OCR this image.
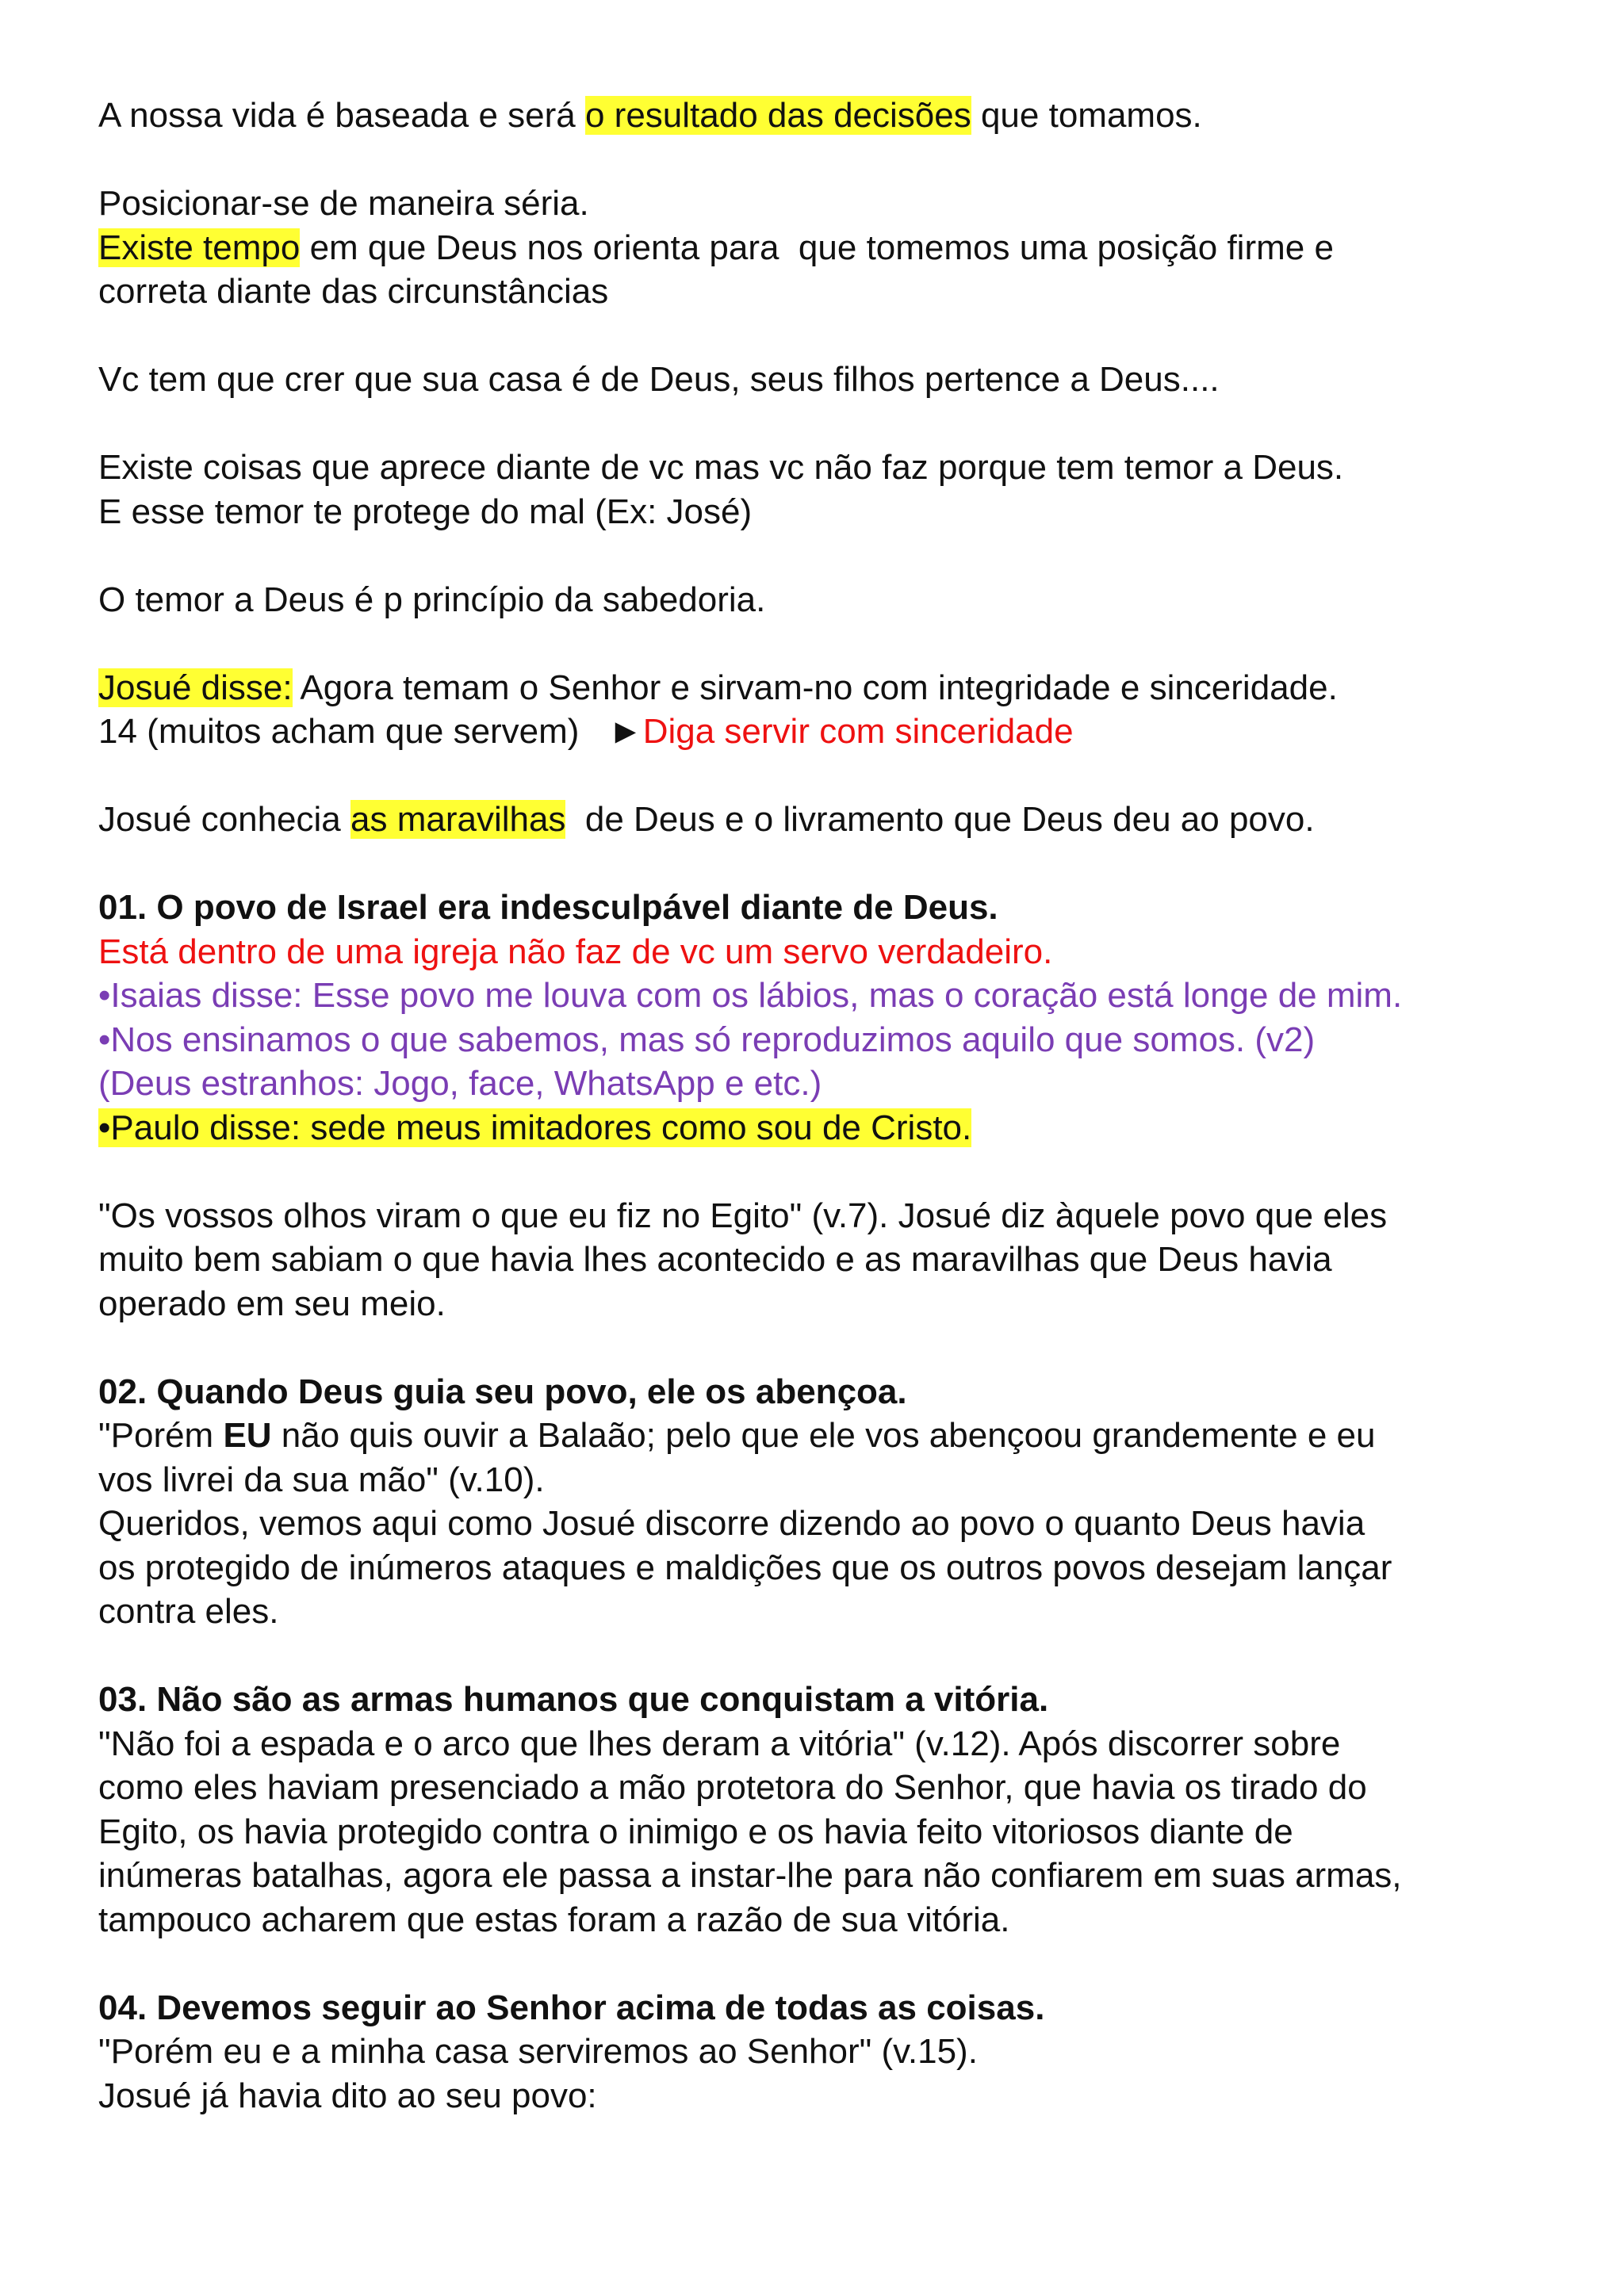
A nossa vida é baseada e será o resultado das decisões que tomamos.
Posicionar-se de maneira séria.
Existe tempo em que Deus nos orienta para  que tomemos uma posição firme e
correta diante das circunstâncias
Vc tem que crer que sua casa é de Deus, seus filhos pertence a Deus....
Existe coisas que aprece diante de vc mas vc não faz porque tem temor a Deus.
E esse temor te protege do mal (Ex: José)
O temor a Deus é p princípio da sabedoria.
Josué disse: Agora temam o Senhor e sirvam-no com integridade e sinceridade.
14 (muitos acham que servem)   ►Diga servir com sinceridade
Josué conhecia as maravilhas  de Deus e o livramento que Deus deu ao povo.
01. O povo de Israel era indesculpável diante de Deus.
Está dentro de uma igreja não faz de vc um servo verdadeiro.
•Isaias disse: Esse povo me louva com os lábios, mas o coração está longe de mim.
•Nos ensinamos o que sabemos, mas só reproduzimos aquilo que somos. (v2)
(Deus estranhos: Jogo, face, WhatsApp e etc.)
•Paulo disse: sede meus imitadores como sou de Cristo.
"Os vossos olhos viram o que eu fiz no Egito" (v.7). Josué diz àquele povo que eles
muito bem sabiam o que havia lhes acontecido e as maravilhas que Deus havia
operado em seu meio.
02. Quando Deus guia seu povo, ele os abençoa.
"Porém EU não quis ouvir a Balaão; pelo que ele vos abençoou grandemente e eu
vos livrei da sua mão" (v.10).
Queridos, vemos aqui como Josué discorre dizendo ao povo o quanto Deus havia
os protegido de inúmeros ataques e maldições que os outros povos desejam lançar
contra eles.
03. Não são as armas humanos que conquistam a vitória.
"Não foi a espada e o arco que lhes deram a vitória" (v.12). Após discorrer sobre
como eles haviam presenciado a mão protetora do Senhor, que havia os tirado do
Egito, os havia protegido contra o inimigo e os havia feito vitoriosos diante de
inúmeras batalhas, agora ele passa a instar-lhe para não confiarem em suas armas,
tampouco acharem que estas foram a razão de sua vitória.
04. Devemos seguir ao Senhor acima de todas as coisas.
"Porém eu e a minha casa serviremos ao Senhor" (v.15).
Josué já havia dito ao seu povo:
